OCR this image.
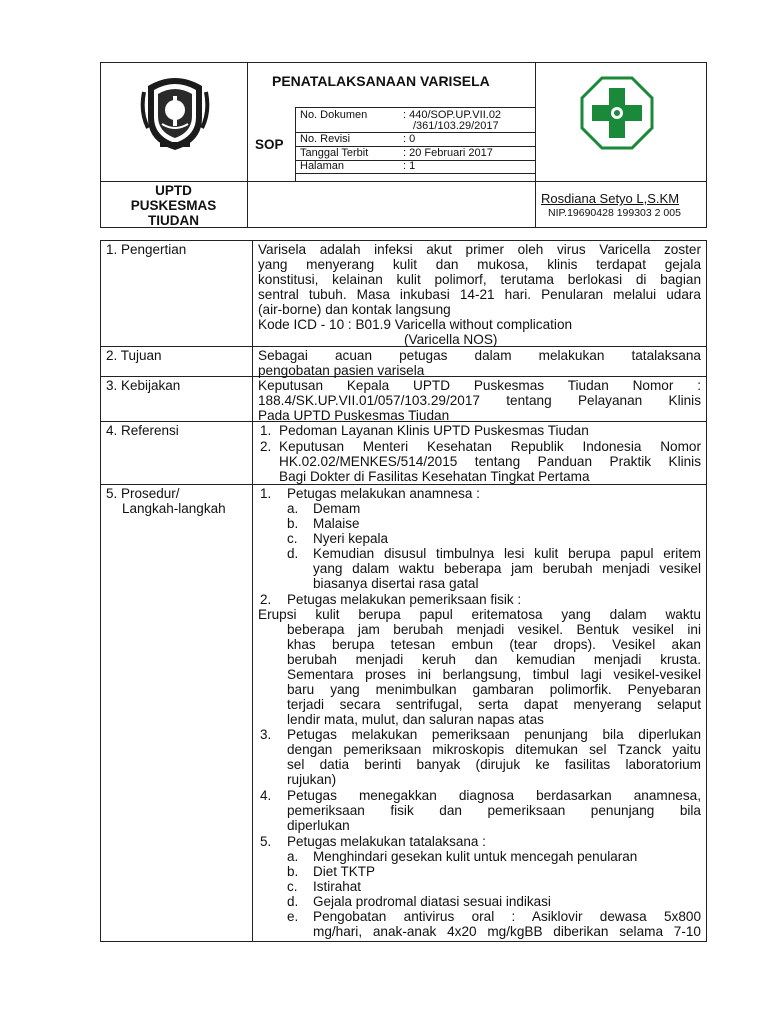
PENATALAKSANAAN VARISELA
SOP
No. Dokumen	: 440/SOP.UP.VII.02
/361/103.29/2017
No. Revisi	: 0
Tanggal Terbit	: 20 Februari 2017
Halaman	: 1
UPTD
PUSKESMAS
TIUDAN
Rosdiana Setyo L,S.KM
NIP.19690428 199303 2 005
1. Pengertian	Varisela adalah infeksi akut primer oleh virus Varicella zoster
yang menyerang kulit dan mukosa, klinis terdapat gejala
konstitusi, kelainan kulit polimorf, terutama berlokasi di bagian
sentral tubuh. Masa inkubasi 14-21 hari. Penularan melalui udara
(air-borne) dan kontak langsung
Kode ICD - 10 : B01.9 Varicella without complication
(Varicella NOS)
2. Tujuan	Sebagai acuan petugas dalam melakukan tatalaksana
pengobatan pasien varisela
3. Kebijakan	Keputusan Kepala UPTD Puskesmas Tiudan Nomor :
188.4/SK.UP.VII.01/057/103.29/2017 tentang Pelayanan Klinis
Pada UPTD Puskesmas Tiudan
4. Referensi	1. Pedoman Layanan Klinis UPTD Puskesmas Tiudan
2. Keputusan Menteri Kesehatan Republik Indonesia Nomor
HK.02.02/MENKES/514/2015 tentang Panduan Praktik Klinis
Bagi Dokter di Fasilitas Kesehatan Tingkat Pertama
5. Prosedur/
Langkah-langkah
1. Petugas melakukan anamnesa :
a. Demam
b. Malaise
c. Nyeri kepala
d. Kemudian disusul timbulnya lesi kulit berupa papul eritem
yang dalam waktu beberapa jam berubah menjadi vesikel
biasanya disertai rasa gatal
2. Petugas melakukan pemeriksaan fisik :
Erupsi kulit berupa papul eritematosa yang dalam waktu
beberapa jam berubah menjadi vesikel. Bentuk vesikel ini
khas berupa tetesan embun (tear drops). Vesikel akan
berubah menjadi keruh dan kemudian menjadi krusta.
Sementara proses ini berlangsung, timbul lagi vesikel-vesikel
baru yang menimbulkan gambaran polimorfik. Penyebaran
terjadi secara sentrifugal, serta dapat menyerang selaput
lendir mata, mulut, dan saluran napas atas
3. Petugas melakukan pemeriksaan penunjang bila diperlukan
dengan pemeriksaan mikroskopis ditemukan sel Tzanck yaitu
sel datia berinti banyak (dirujuk ke fasilitas laboratorium
rujukan)
4. Petugas menegakkan diagnosa berdasarkan anamnesa,
pemeriksaan fisik dan pemeriksaan penunjang bila
diperlukan
5. Petugas melakukan tatalaksana :
a. Menghindari gesekan kulit untuk mencegah penularan
b. Diet TKTP
c. Istirahat
d. Gejala prodromal diatasi sesuai indikasi
e. Pengobatan antivirus oral : Asiklovir dewasa 5x800
mg/hari, anak-anak 4x20 mg/kgBB diberikan selama 7-10
